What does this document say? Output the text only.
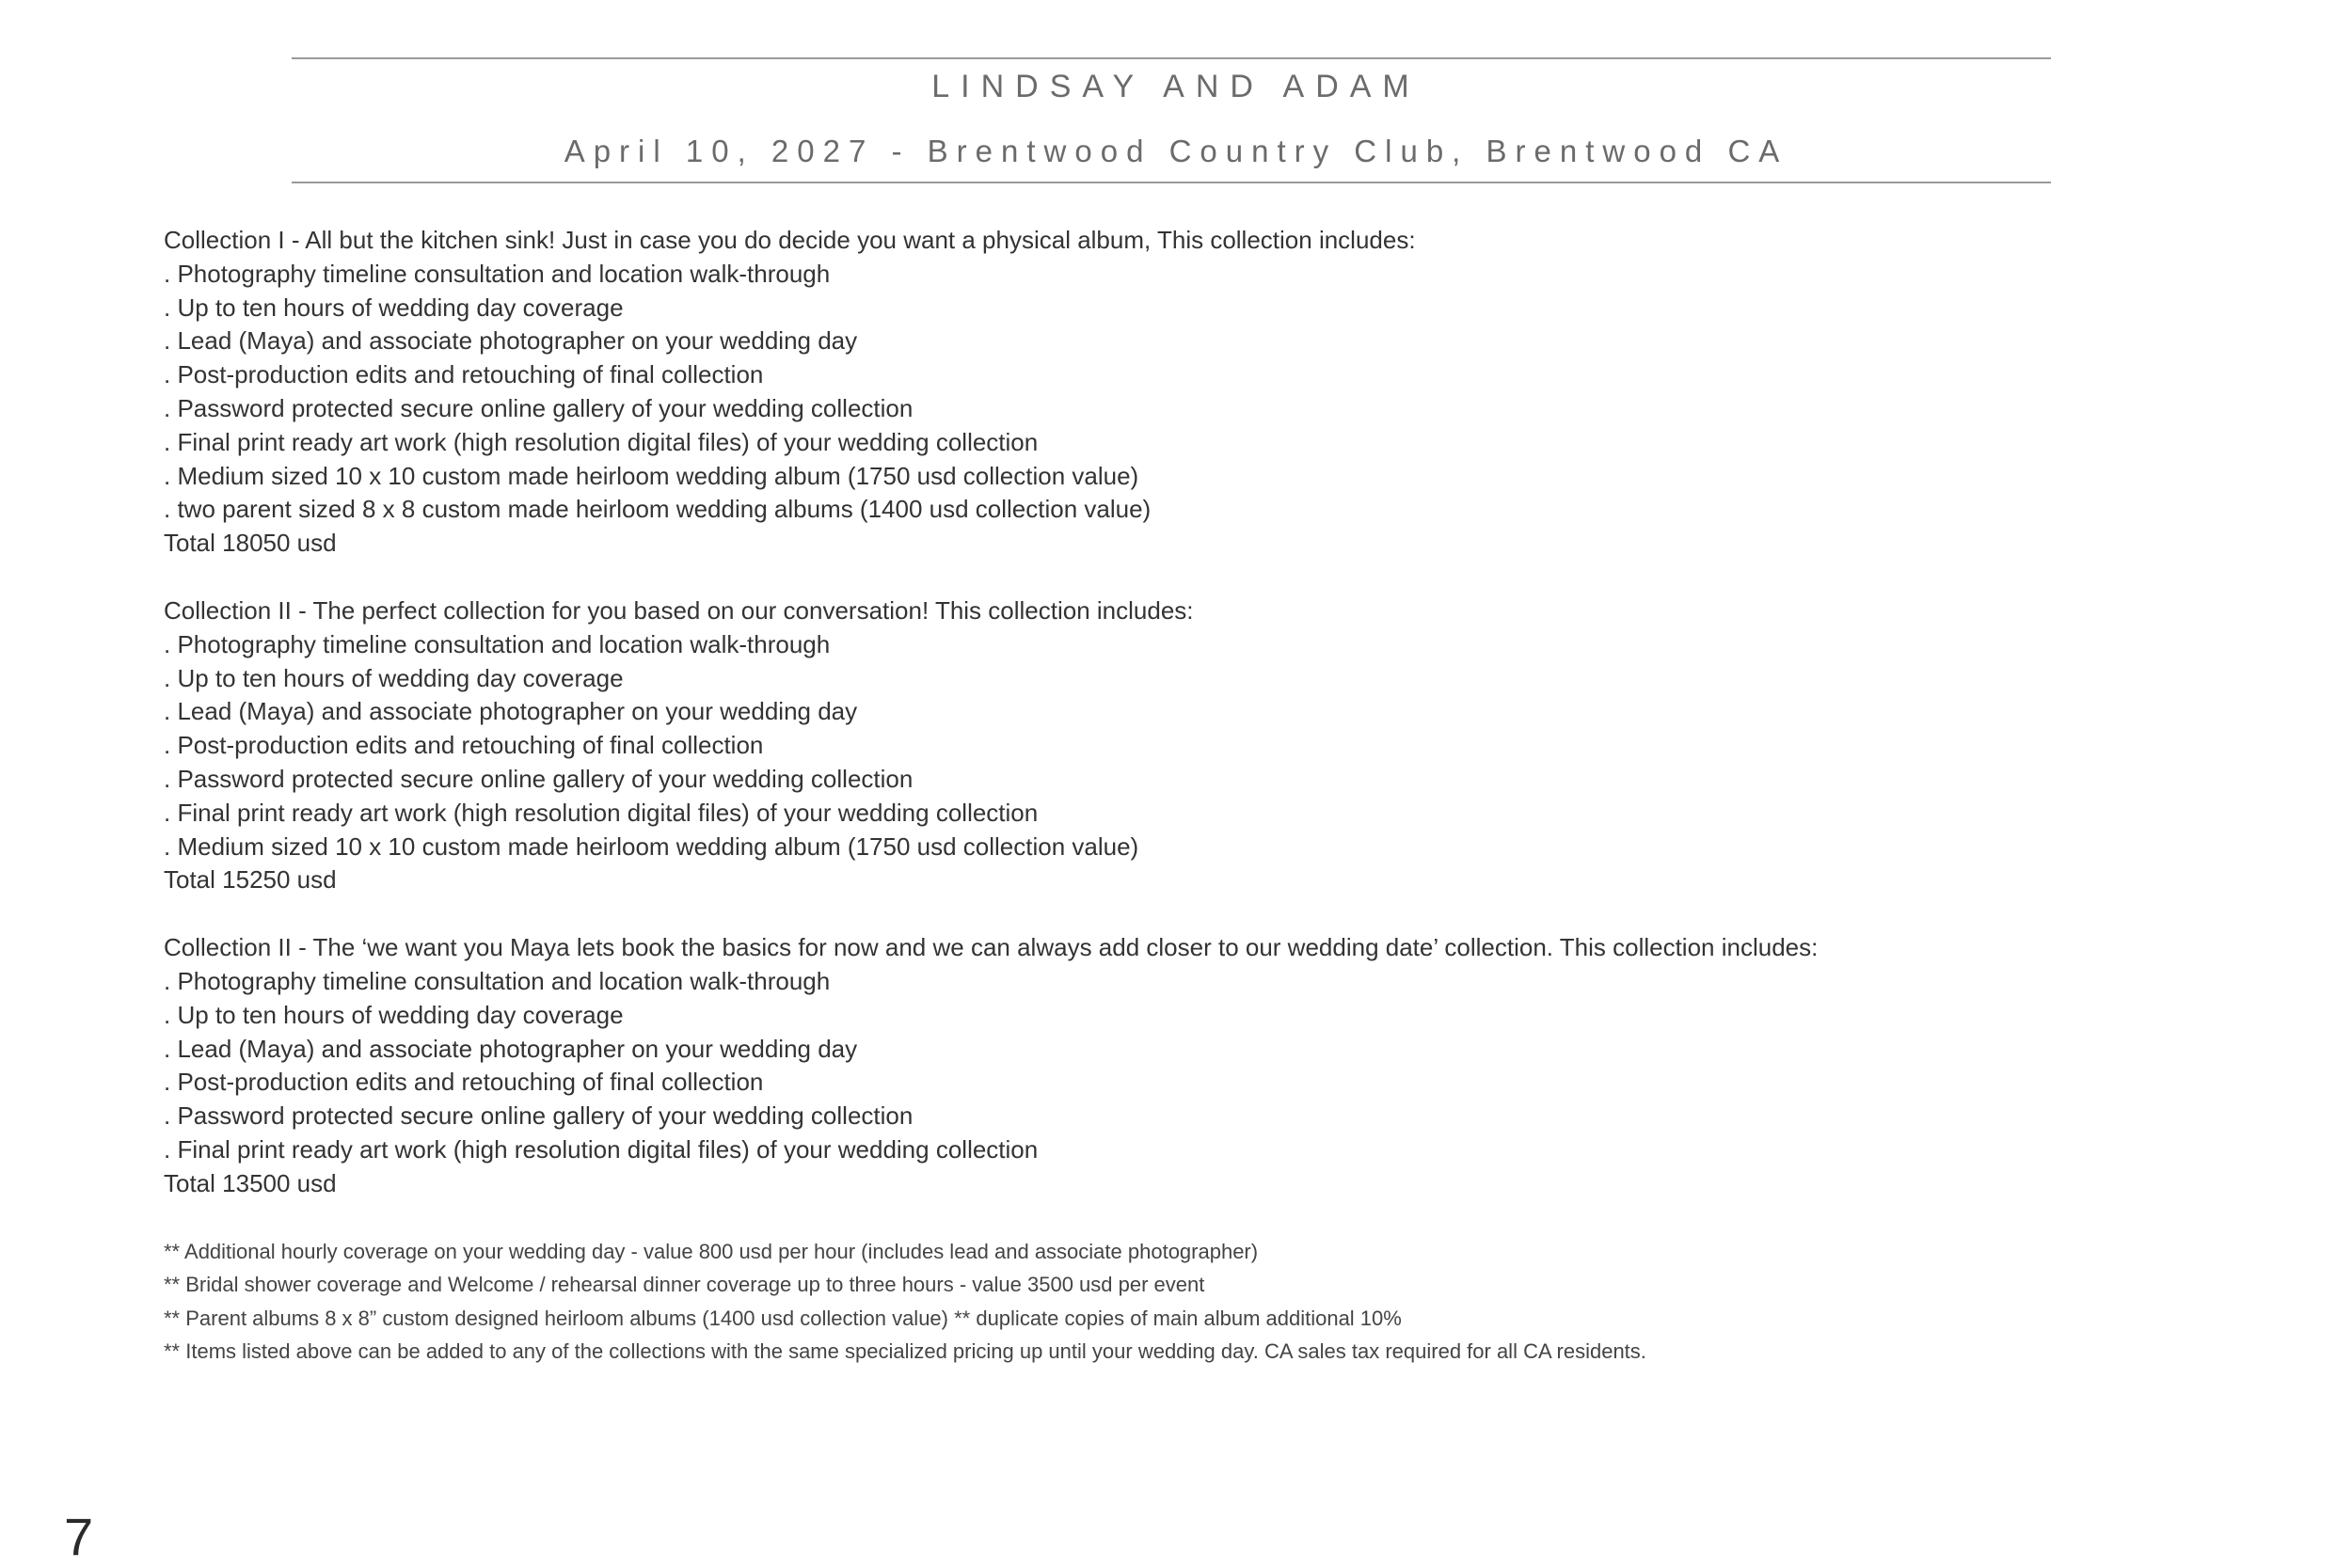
LINDSAY AND ADAM
April 10, 2027 - Brentwood Country Club, Brentwood CA
Collection I - All but the kitchen sink! Just in case you do decide you want a physical album, This collection includes:
. Photography timeline consultation and location walk-through
. Up to ten hours of wedding day coverage
. Lead (Maya) and associate photographer on your wedding day
. Post-production edits and retouching of final collection
. Password protected secure online gallery of your wedding collection
. Final print ready art work (high resolution digital files) of your wedding collection
. Medium sized 10 x 10 custom made heirloom wedding album (1750 usd collection value)
. two parent sized 8 x 8 custom made heirloom wedding albums (1400 usd collection value)
Total 18050 usd
Collection II - The perfect collection for you based on our conversation! This collection includes:
. Photography timeline consultation and location walk-through
. Up to ten hours of wedding day coverage
. Lead (Maya) and associate photographer on your wedding day
. Post-production edits and retouching of final collection
. Password protected secure online gallery of your wedding collection
. Final print ready art work (high resolution digital files) of your wedding collection
. Medium sized 10 x 10 custom made heirloom wedding album (1750 usd collection value)
Total 15250 usd
Collection II - The ‘we want you Maya lets book the basics for now and we can always add closer to our wedding date’ collection. This collection includes:
. Photography timeline consultation and location walk-through
. Up to ten hours of wedding day coverage
. Lead (Maya) and associate photographer on your wedding day
. Post-production edits and retouching of final collection
. Password protected secure online gallery of your wedding collection
. Final print ready art work (high resolution digital files) of your wedding collection
Total 13500 usd
** Additional hourly coverage on your wedding day - value 800 usd per hour (includes lead and associate photographer)
** Bridal shower coverage and Welcome / rehearsal dinner coverage up to three hours - value 3500 usd per event
** Parent albums 8 x 8” custom designed heirloom albums (1400 usd collection value) ** duplicate copies of main album additional 10%
** Items listed above can be added to any of the collections with the same specialized pricing up until your wedding day. CA sales tax required for all CA residents.
7
